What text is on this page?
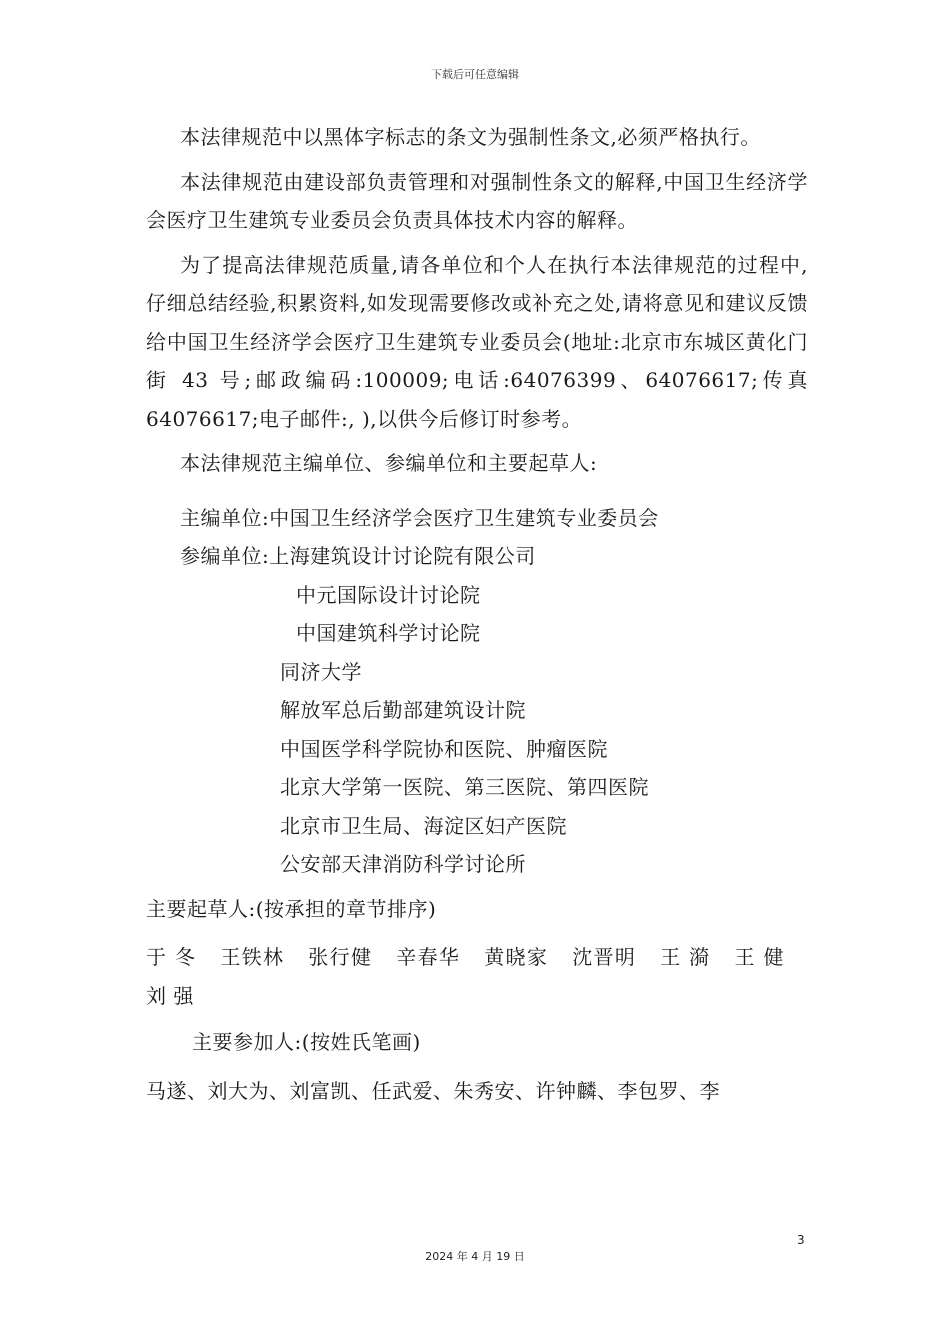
下载后可任意编辑

本法律规范中以黑体字标志的条文为强制性条文,必须严格执行。

本法律规范由建设部负责管理和对强制性条文的解释,中国卫生经济学会医疗卫生建筑专业委员会负责具体技术内容的解释。

为了提高法律规范质量,请各单位和个人在执行本法律规范的过程中,仔细总结经验,积累资料,如发现需要修改或补充之处,请将意见和建议反馈给中国卫生经济学会医疗卫生建筑专业委员会(地址:北京市东城区黄化门街 43 号;邮政编码:100009;电话:64076399、64076617;传真 64076617;电子邮件:, ),以供今后修订时参考。

本法律规范主编单位、参编单位和主要起草人:

主编单位:中国卫生经济学会医疗卫生建筑专业委员会

参编单位:上海建筑设计讨论院有限公司

中元国际设计讨论院

中国建筑科学讨论院

同济大学

解放军总后勤部建筑设计院

中国医学科学院协和医院、肿瘤医院

北京大学第一医院、第三医院、第四医院

北京市卫生局、海淀区妇产医院

公安部天津消防科学讨论所

主要起草人:(按承担的章节排序)

于 冬 王铁林 张行健 辛春华 黄晓家 沈晋明 王 漪 王 健刘 强

主要参加人:(按姓氏笔画)

马遂、刘大为、刘富凯、任武爱、朱秀安、许钟麟、李包罗、李

3
2024 年 4 月 19 日
